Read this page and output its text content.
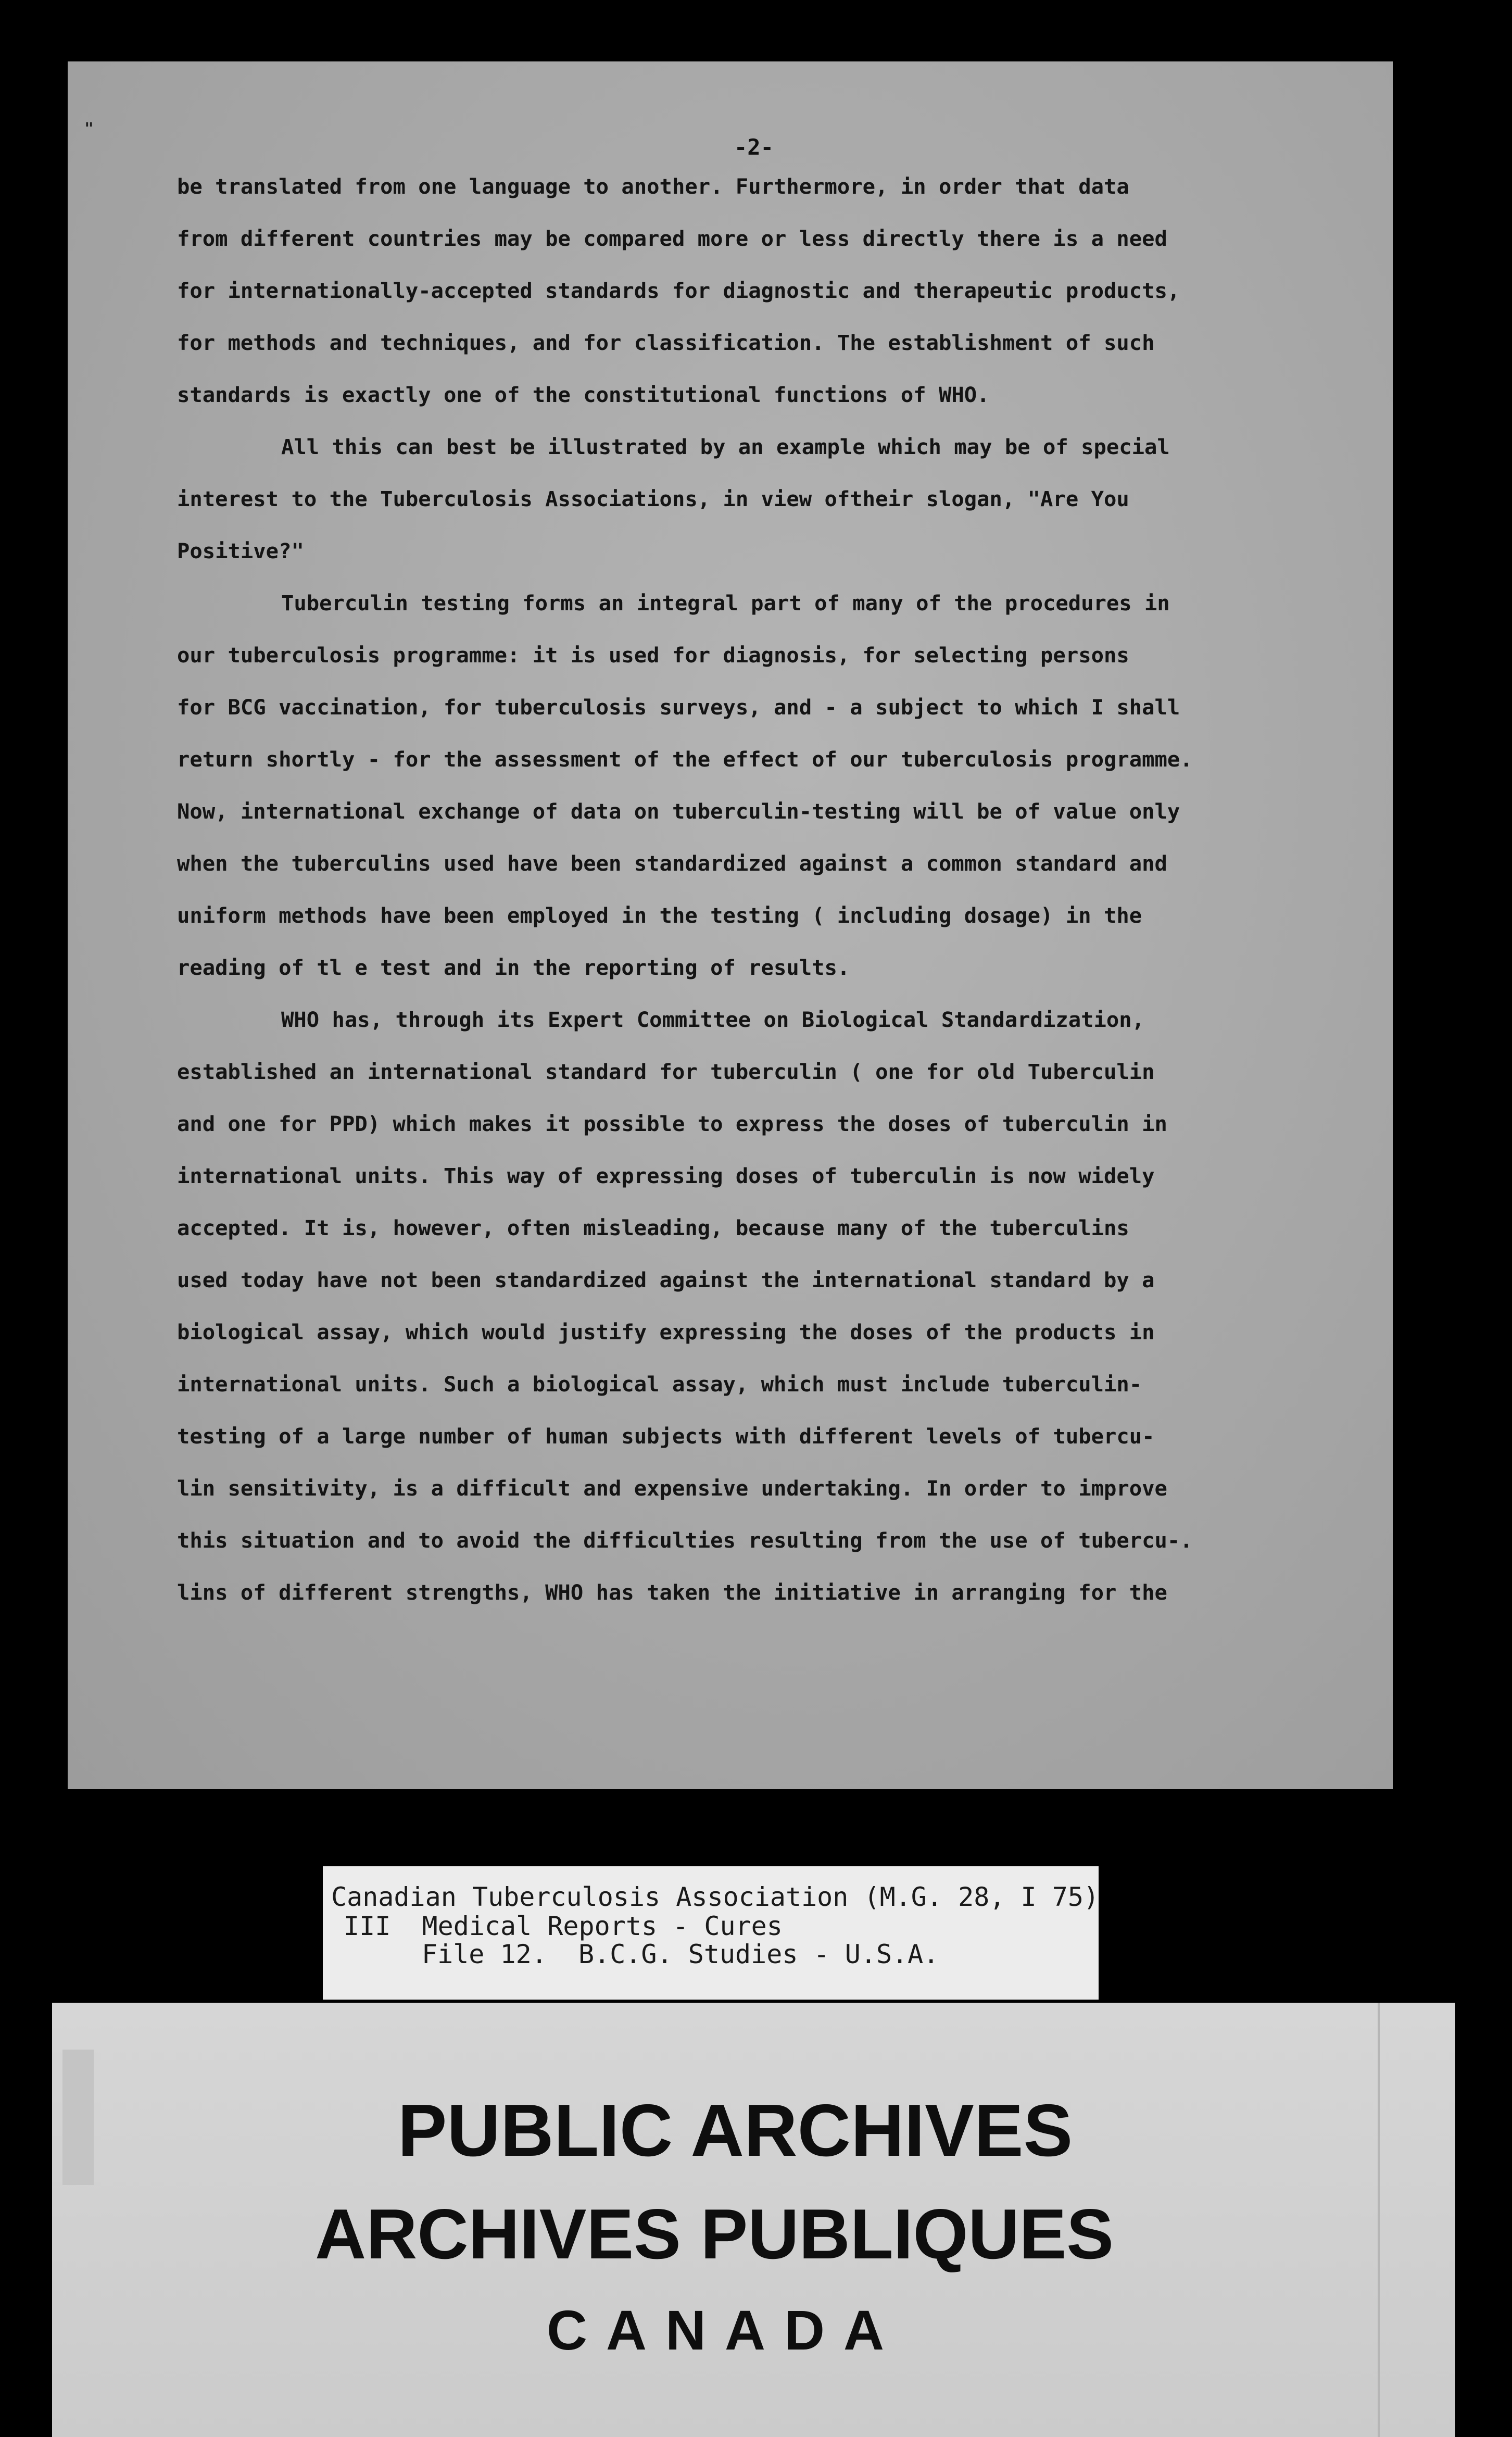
"
-2-

be translated from one language to another. Furthermore, in order that data

from different countries may be compared more or less directly there is a need

for internationally-accepted standards for diagnostic and therapeutic products,

for methods and techniques, and for classification. The establishment of such

standards is exactly one of the constitutional functions of WHO.

All this can best be illustrated by an example which may be of special

interest to the Tuberculosis Associations, in view oftheir slogan, "Are You

Positive?"

Tuberculin testing forms an integral part of many of the procedures in

our tuberculosis programme: it is used for diagnosis, for selecting persons

for BCG vaccination, for tuberculosis surveys, and - a subject to which I shall

return shortly - for the assessment of the effect of our tuberculosis programme.

Now, international exchange of data on tuberculin-testing will be of value only

when the tuberculins used have been standardized against a common standard and

uniform methods have been employed in the testing ( including dosage) in the

reading of tl e test and in the reporting of results.

WHO has, through its Expert Committee on Biological Standardization,

established an international standard for tuberculin ( one for old Tuberculin

and one for PPD) which makes it possible to express the doses of tuberculin in

international units. This way of expressing doses of tuberculin is now widely

accepted. It is, however, often misleading, because many of the tuberculins

used today have not been standardized against the international standard by a

biological assay, which would justify expressing the doses of the products in

international units. Such a biological assay, which must include tuberculin-

testing of a large number of human subjects with different levels of tubercu-

lin sensitivity, is a difficult and expensive undertaking. In order to improve

this situation and to avoid the difficulties resulting from the use of tubercu-.

lins of different strengths, WHO has taken the initiative in arranging for the

Canadian Tuberculosis Association (M.G. 28, I 75)
III  Medical Reports - Cures
File 12.  B.C.G. Studies - U.S.A.
PUBLIC ARCHIVES
ARCHIVES PUBLIQUES
CANADA
